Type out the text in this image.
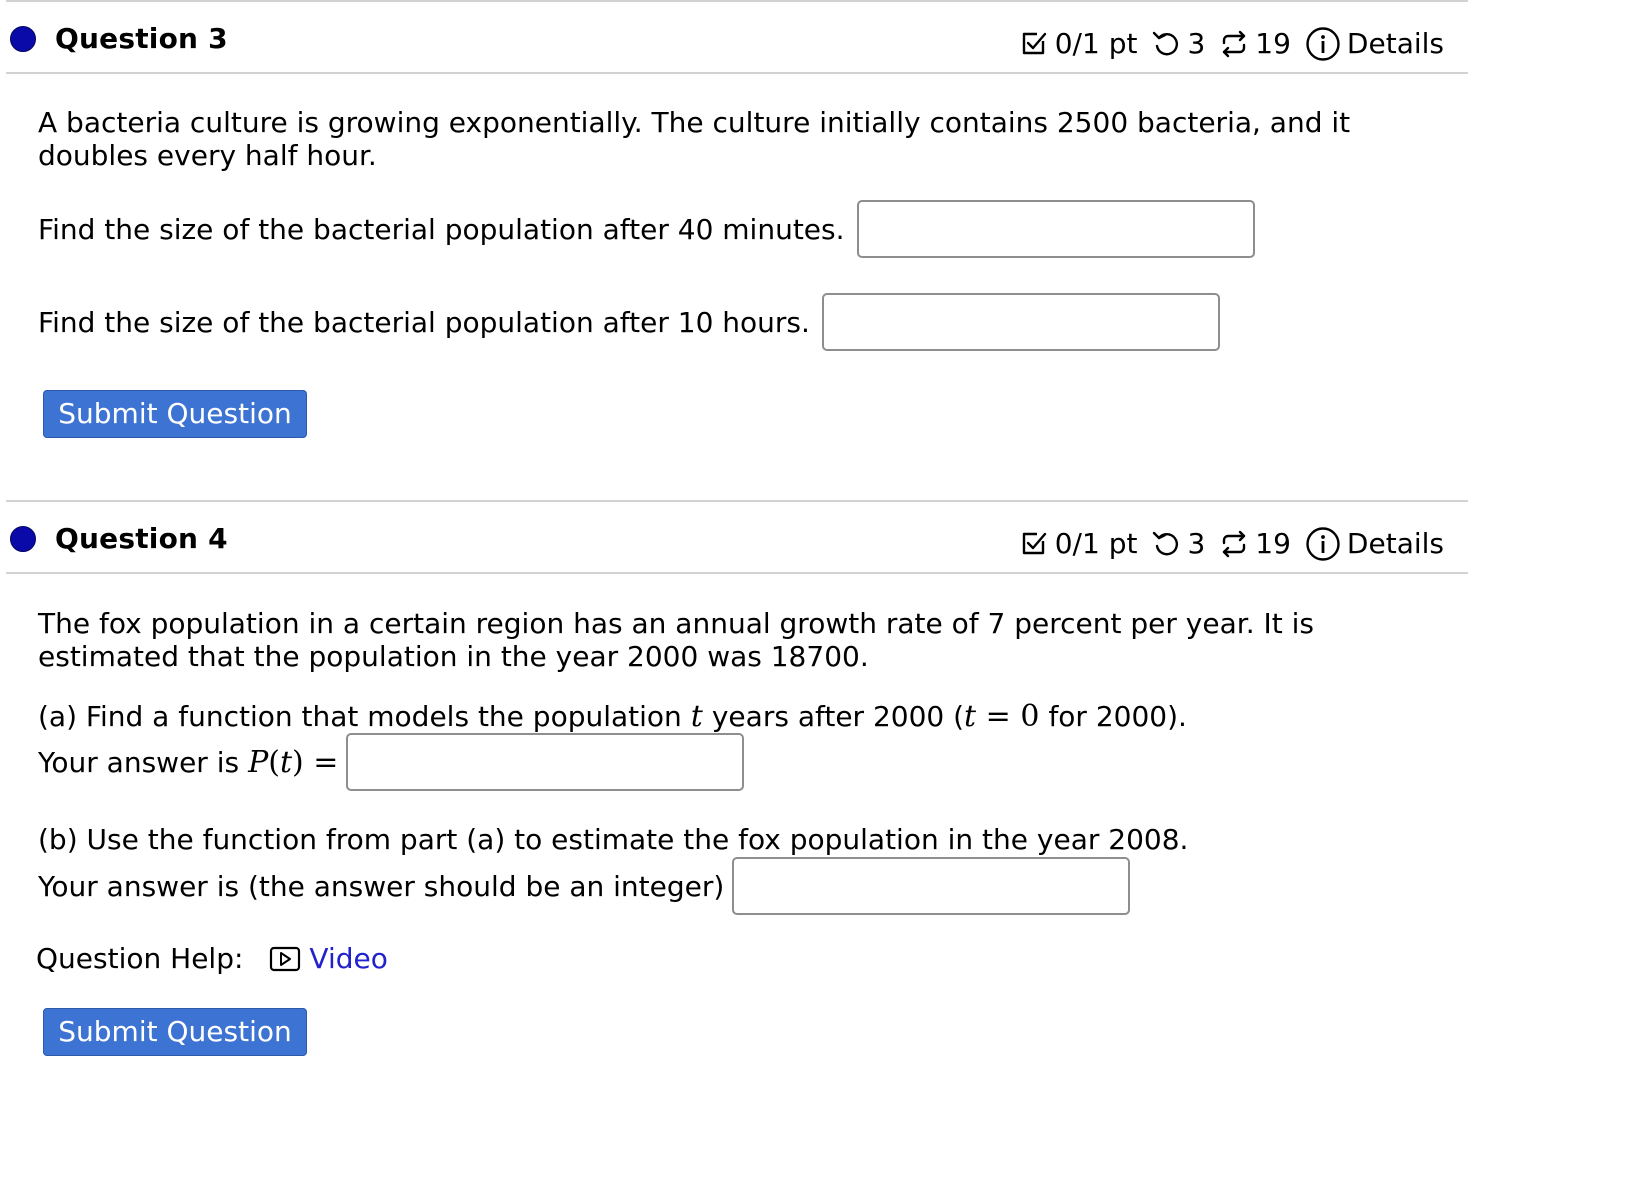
Question 3	0/1 pt 3 19 Details
A bacteria culture is growing exponentially. The culture initially contains 2500 bacteria, and it doubles every half hour.
Find the size of the bacterial population after 40 minutes.
Find the size of the bacterial population after 10 hours.
Submit Question
Question 4	0/1 pt 3 19 Details
The fox population in a certain region has an annual growth rate of 7 percent per year. It is estimated that the population in the year 2000 was 18700.
(a) Find a function that models the population t years after 2000 ( t = 0 for 2000).
Your answer is P(t) =
(b) Use the function from part (a) to estimate the fox population in the year 2008.
Your answer is (the answer should be an integer)
Question Help: Video
Submit Question
